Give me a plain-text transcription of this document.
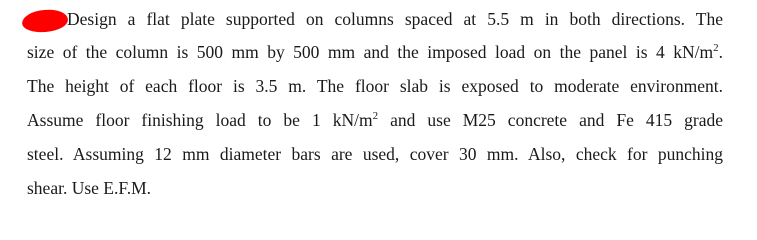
Design a flat plate supported on columns spaced at 5.5 m in both directions. The
size of the column is 500 mm by 500 mm and the imposed load on the panel is 4 $kN/m^2$.
The height of each floor is 3.5 m. The floor slab is exposed to moderate environment.
Assume floor finishing load to be 1 $kN/m^2$ and use M25 concrete and Fe 415 grade
steel. Assuming 12 mm diameter bars are used, cover 30 mm. Also, check for punching
shear. Use E.F.M.
